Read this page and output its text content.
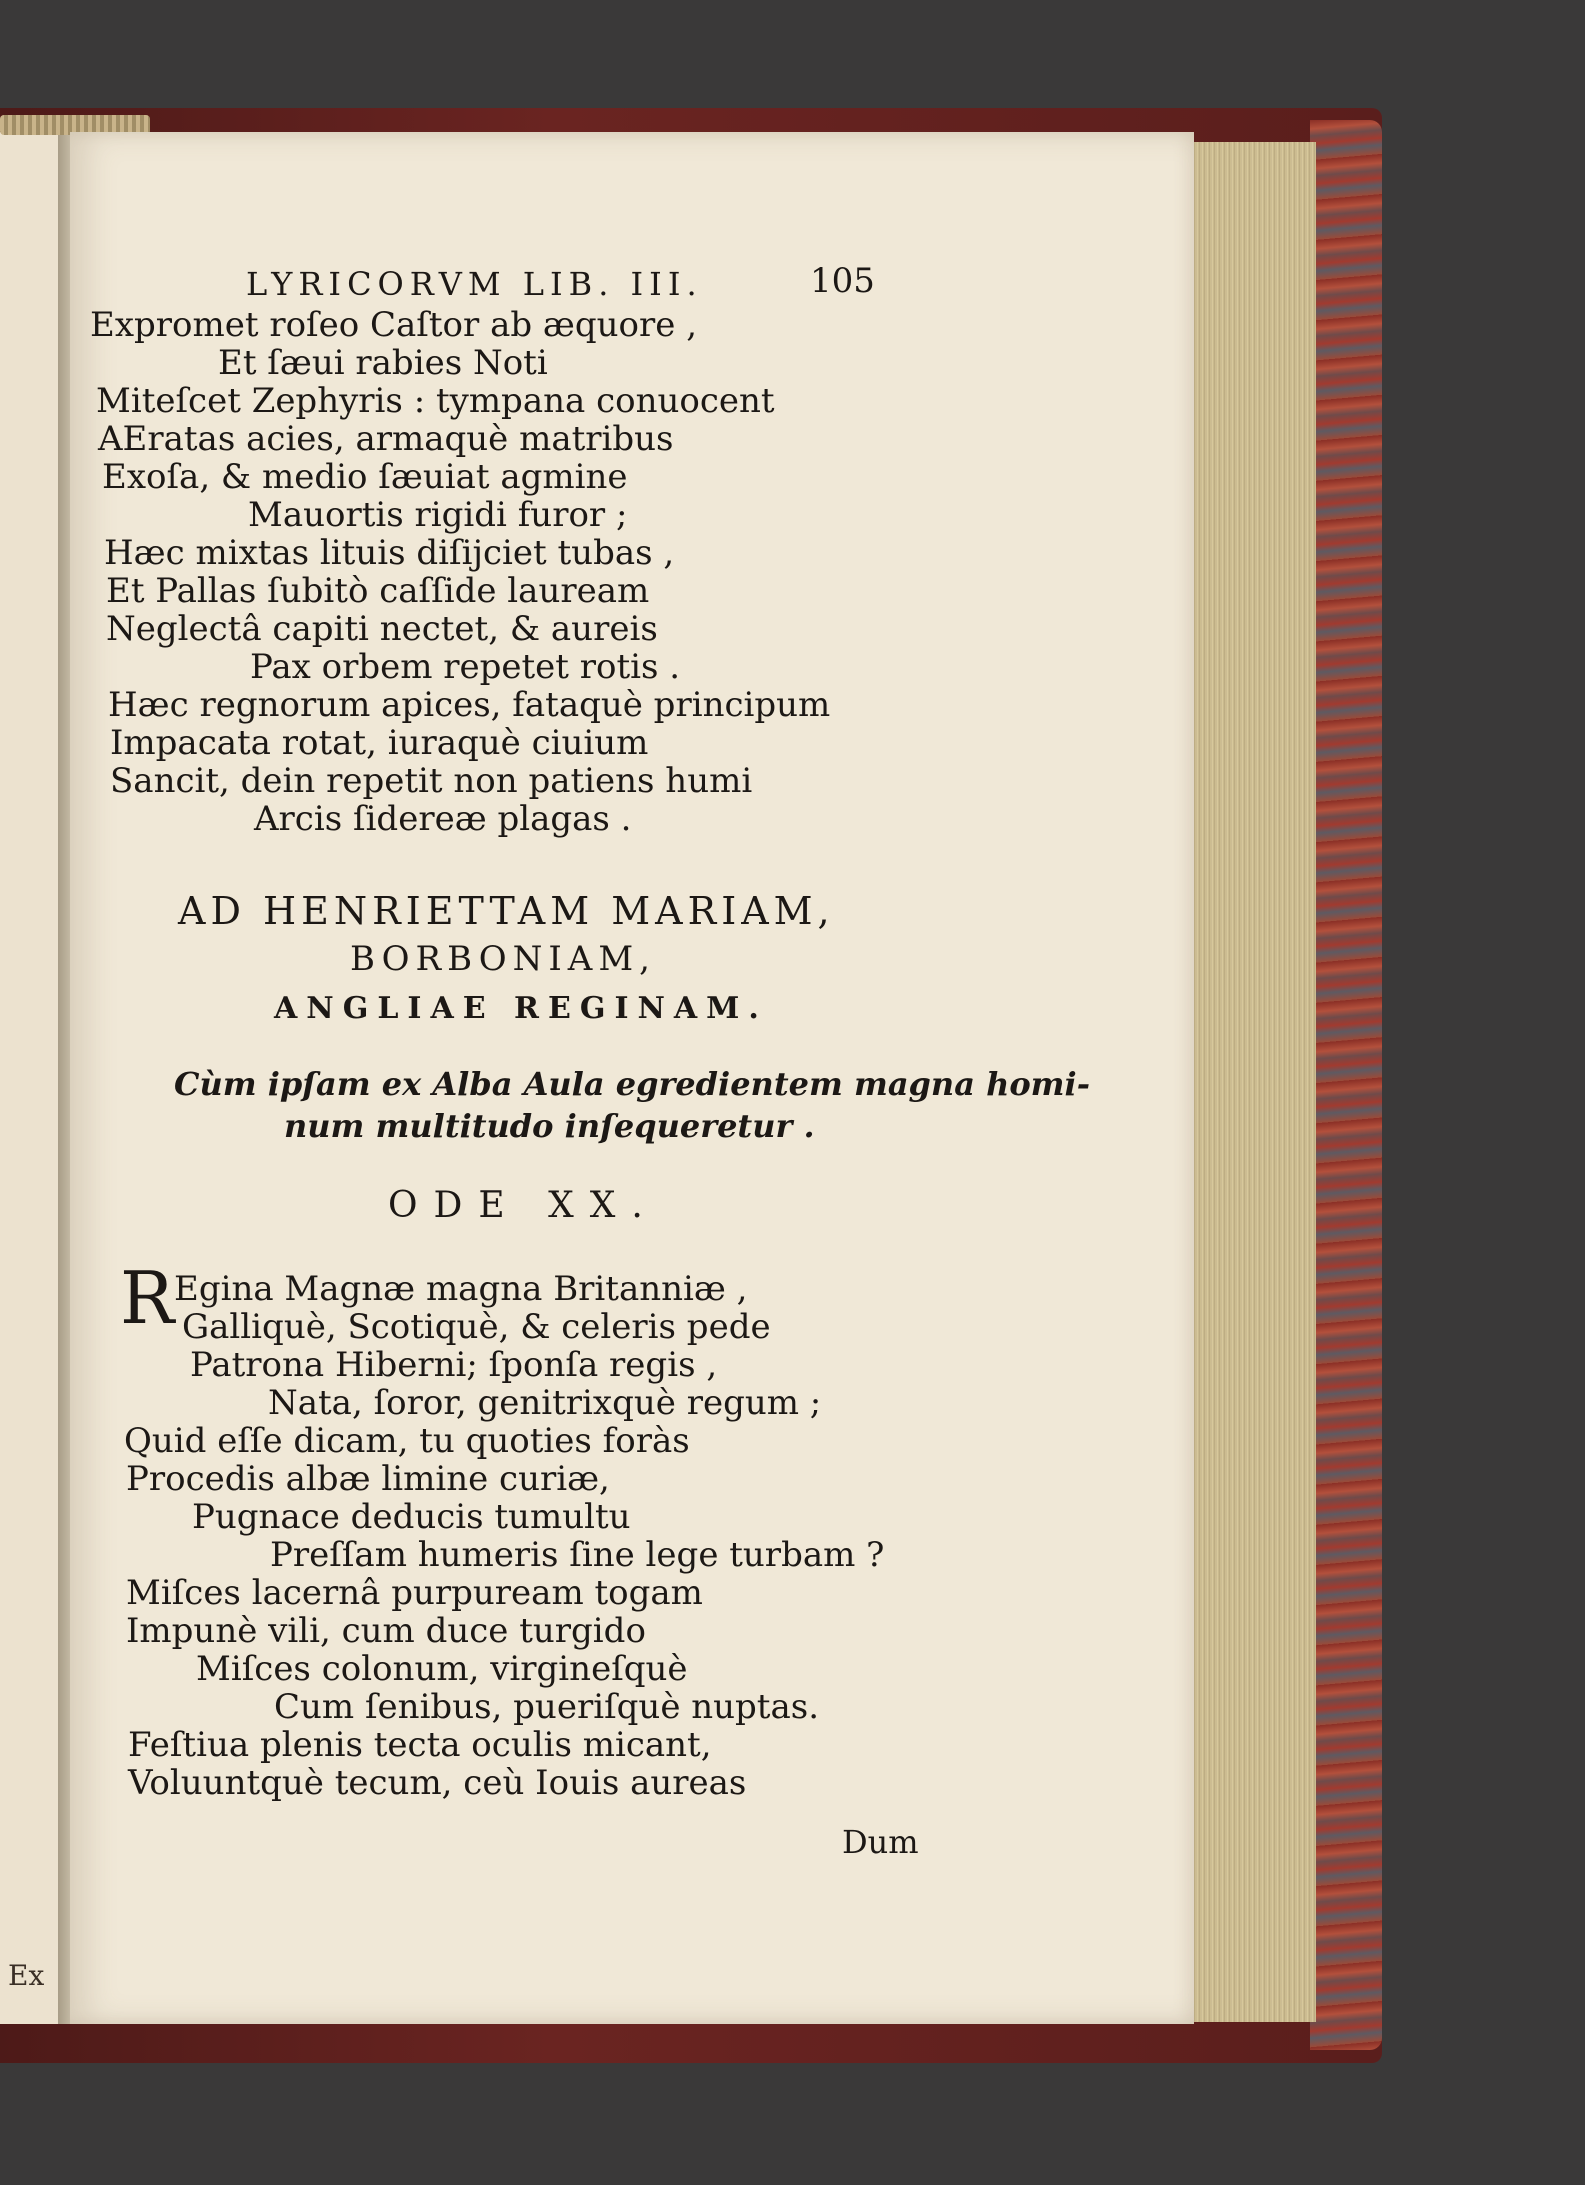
Ex
LYRICORVM LIB. III.	105
Expromet roſeo Caſtor ab æquore ,
Et ſæui rabies Noti
Miteſcet Zephyris : tympana conuocent
AEratas acies, armaquè matribus
Exoſa, & medio ſæuiat agmine
Mauortis rigidi furor ;
Hæc mixtas lituis diſijciet tubas ,
Et Pallas ſubitò caſſide lauream
Neglectâ capiti nectet, & aureis
Pax orbem repetet rotis .
Hæc regnorum apices, fataquè principum
Impacata rotat, iuraquè ciuium
Sancit, dein repetit non patiens humi
Arcis ſidereæ plagas .
AD HENRIETTAM MARIAM,
BORBONIAM,
ANGLIAE REGINAM.
Cùm ipſam ex Alba Aula egredientem magna homi-
num multitudo inſequeretur .
ODE XX.
R Egina Magnæ magna Britanniæ ,
Galliquè, Scotiquè, & celeris pede
Patrona Hiberni; ſponſa regis ,
Nata, ſoror, genitrixquè regum ;
Quid eſſe dicam, tu quoties foràs
Procedis albæ limine curiæ,
Pugnace deducis tumultu
Preſſam humeris ſine lege turbam ?
Miſces lacernâ purpuream togam
Impunè vili, cum duce turgido
Miſces colonum, virgineſquè
Cum ſenibus, pueriſquè nuptas.
Feſtiua plenis tecta oculis micant,
Voluuntquè tecum, ceù Iouis aureas
Dum
